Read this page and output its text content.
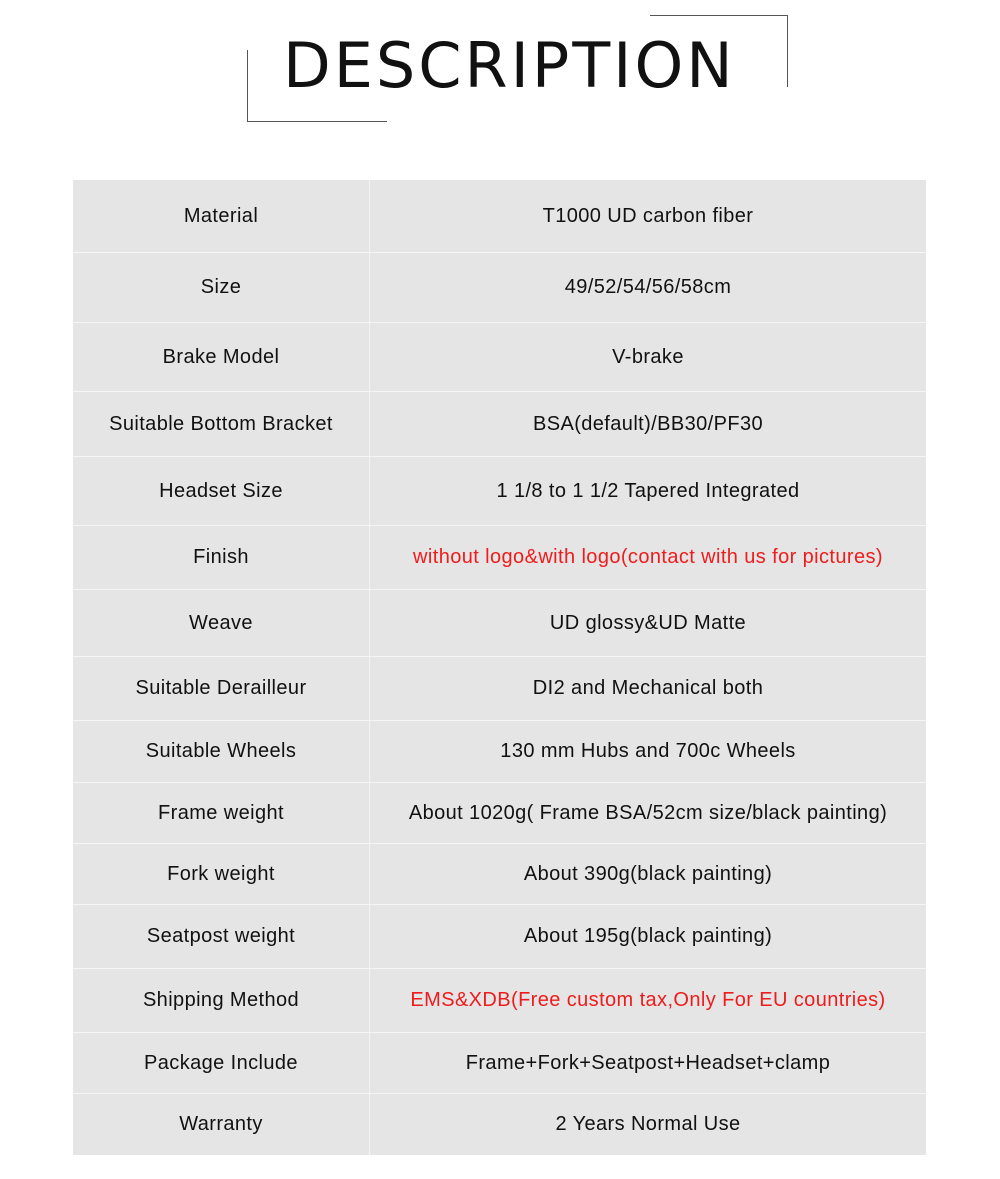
DESCRIPTION
Material	T1000 UD carbon fiber
Size	49/52/54/56/58cm
Brake Model	V-brake
Suitable Bottom Bracket	BSA(default)/BB30/PF30
Headset Size	1 1/8 to 1 1/2 Tapered Integrated
Finish	without logo&with logo(contact with us for pictures)
Weave	UD glossy&UD Matte
Suitable Derailleur	DI2 and Mechanical both
Suitable Wheels	130 mm Hubs and 700c Wheels
Frame weight	About 1020g( Frame BSA/52cm size/black painting)
Fork weight	About 390g(black painting)
Seatpost weight	About 195g(black painting)
Shipping Method	EMS&XDB(Free custom tax,Only For EU countries)
Package Include	Frame+Fork+Seatpost+Headset+clamp
Warranty	2 Years Normal Use
